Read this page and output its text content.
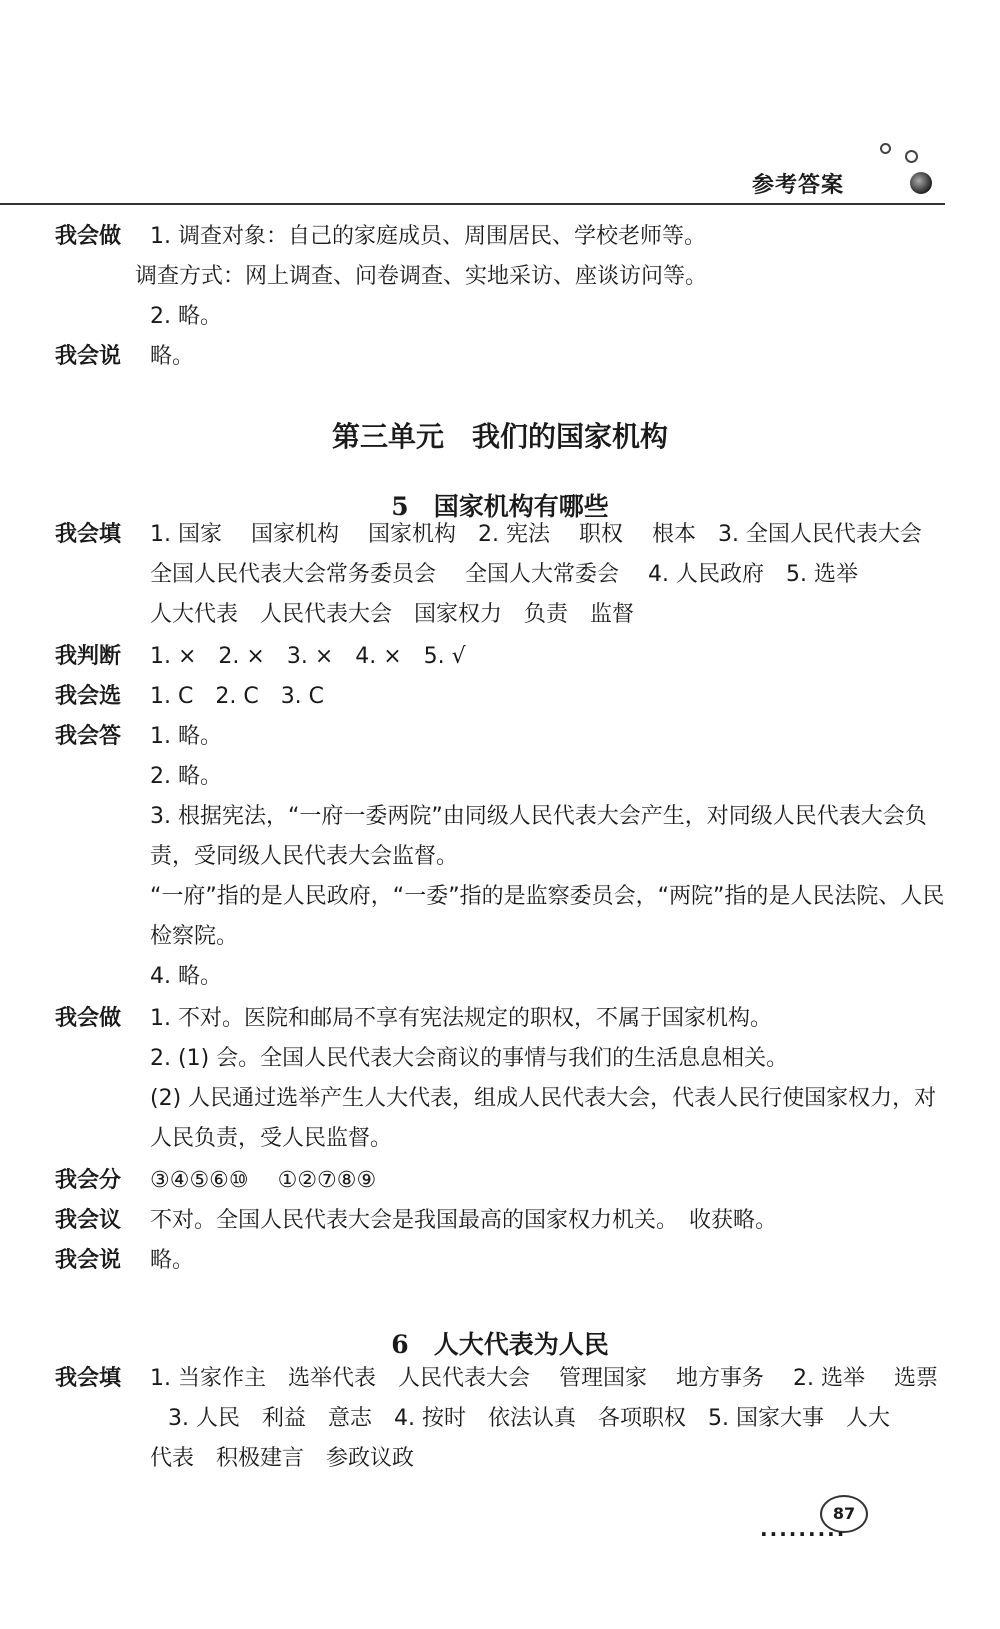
参考答案
我会做 1. 调查对象：自己的家庭成员、周围居民、学校老师等。
调查方式：网上调查、问卷调查、实地采访、座谈访问等。
2. 略。
我会说 略。
第三单元　我们的国家机构
5　国家机构有哪些
我会填 1. 国家　 国家机构　 国家机构　2. 宪法　 职权　 根本　3. 全国人民代表大会
全国人民代表大会常务委员会　 全国人大常委会　 4. 人民政府　5. 选举
人大代表　人民代表大会　国家权力　负责　监督
我判断 1. ×　2. ×　3. ×　4. ×　5. √
我会选 1. C　2. C　3. C
我会答 1. 略。
2. 略。
3. 根据宪法，“一府一委两院”由同级人民代表大会产生，对同级人民代表大会负
责，受同级人民代表大会监督。
“一府”指的是人民政府，“一委”指的是监察委员会，“两院”指的是人民法院、人民
检察院。
4. 略。
我会做 1. 不对。医院和邮局不享有宪法规定的职权，不属于国家机构。
2. (1) 会。全国人民代表大会商议的事情与我们的生活息息相关。
(2) 人民通过选举产生人大代表，组成人民代表大会，代表人民行使国家权力，对
人民负责，受人民监督。
我会分 ③④⑤⑥⑩　 ①②⑦⑧⑨
我会议 不对。全国人民代表大会是我国最高的国家权力机关。　收获略。
我会说 略。
6　人大代表为人民
我会填 1. 当家作主　选举代表　人民代表大会　 管理国家　 地方事务　 2. 选举　 选票
3. 人民　利益　意志　4. 按时　依法认真　各项职权　5. 国家大事　人大
代表　积极建言　参政议政
87
·········
